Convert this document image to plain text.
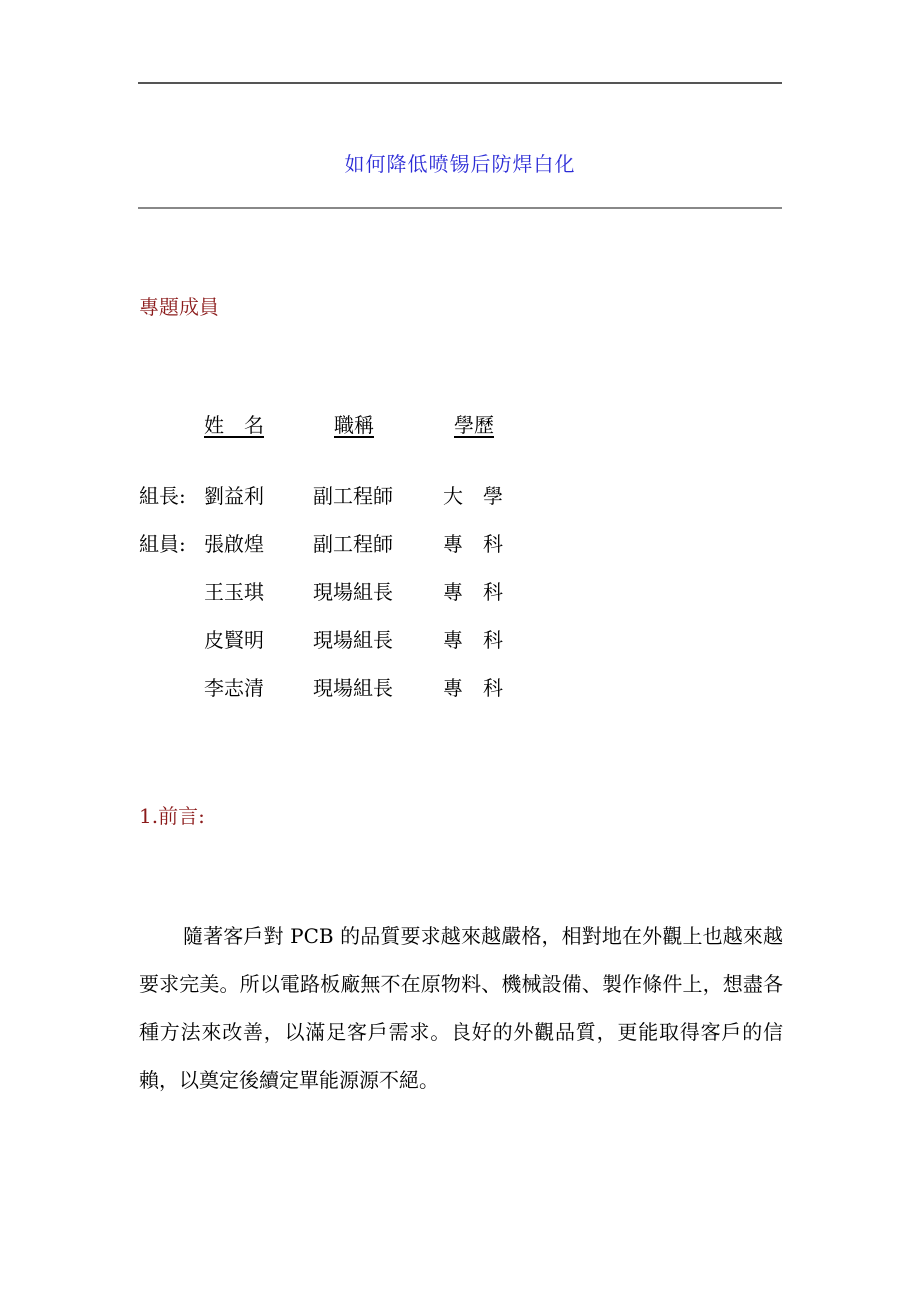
如何降低喷锡后防焊白化
專題成員
姓　名	職稱	學歷
組長: 劉益利 副工程師	大　學
組員: 張啟煌 副工程師	專　科
王玉琪 現場組長	專　科
皮賢明 現場組長	專　科
李志清 現場組長	專　科
1.前言:

隨著客戶對 PCB 的品質要求越來越嚴格，相對地在外觀上也越來越要求完美。所以電路板廠無不在原物料、機械設備、製作條件上，想盡各種方法來改善，以滿足客戶需求。良好的外觀品質，更能取得客戶的信賴，以奠定後續定單能源源不絕。
